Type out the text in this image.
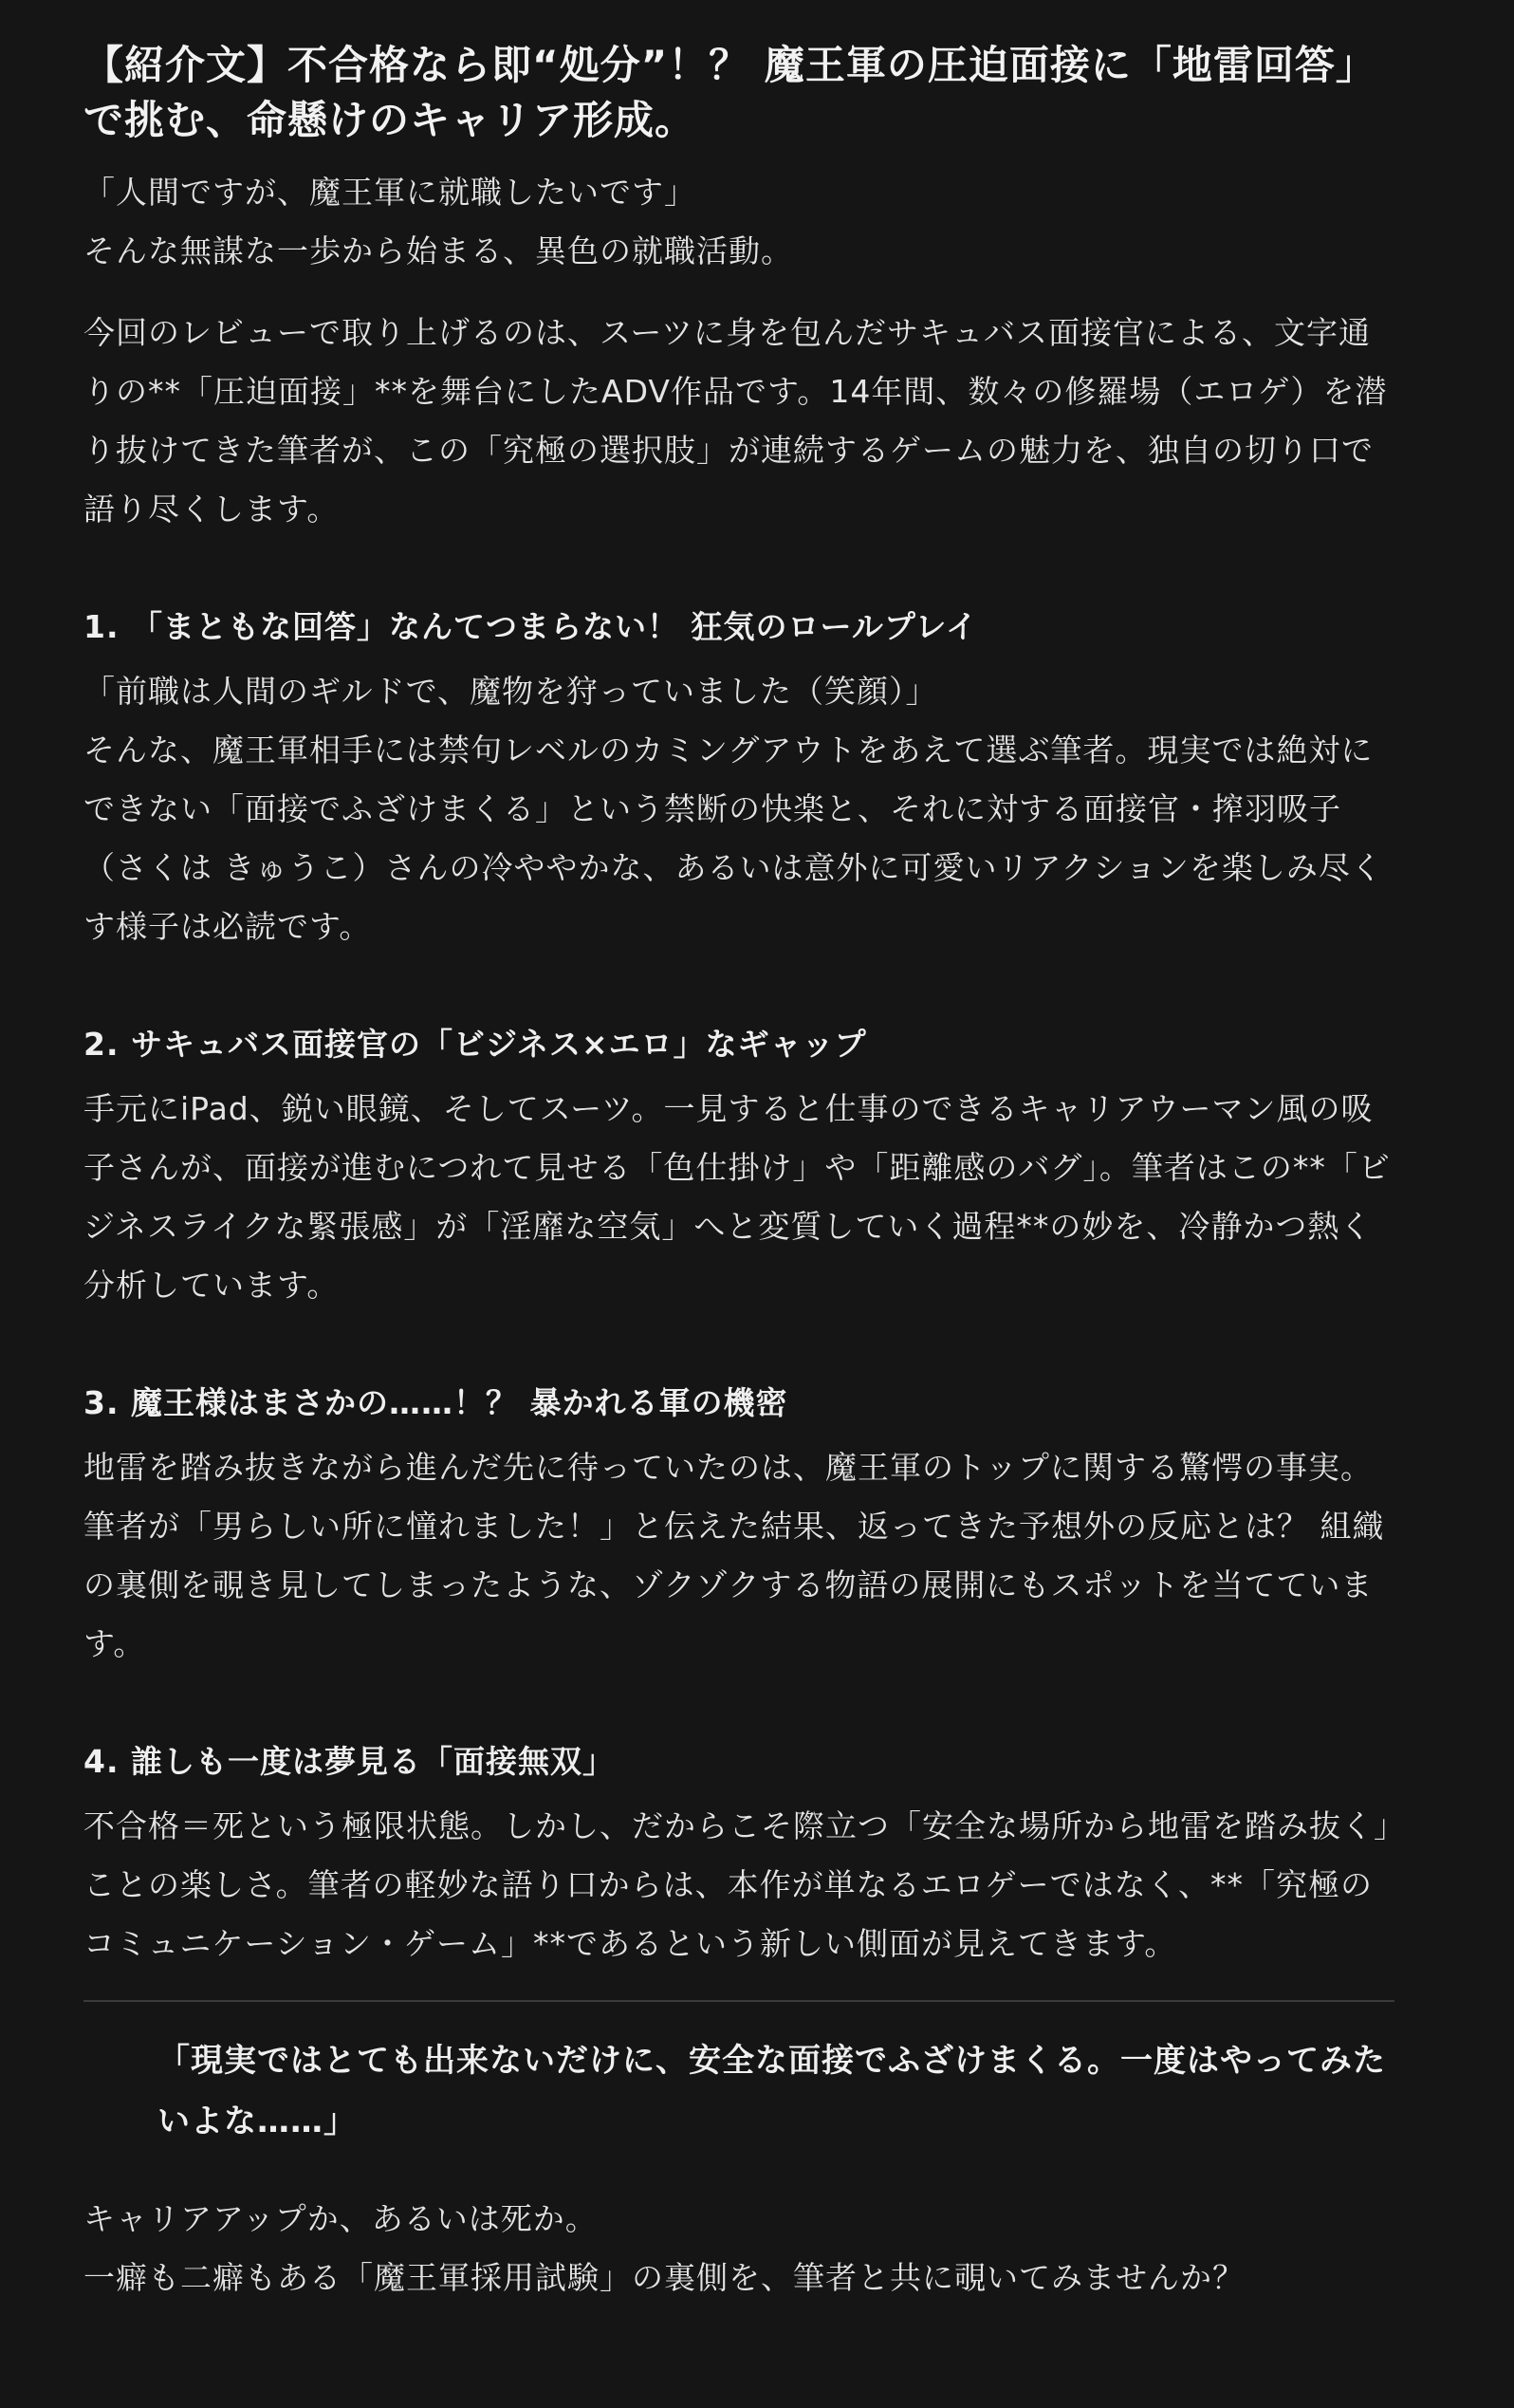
【紹介文】不合格なら即“処分”！？ 魔王軍の圧迫面接に「地雷回答」で挑む、命懸けのキャリア形成。

「人間ですが、魔王軍に就職したいです」

そんな無謀な一歩から始まる、異色の就職活動。

今回のレビューで取り上げるのは、スーツに身を包んだサキュバス面接官による、文字通りの**「圧迫面接」**を舞台にしたADV作品です。14年間、数々の修羅場（エロゲ）を潜り抜けてきた筆者が、この「究極の選択肢」が連続するゲームの魅力を、独自の切り口で語り尽くします。

1. 「まともな回答」なんてつまらない！ 狂気のロールプレイ

「前職は人間のギルドで、魔物を狩っていました（笑顔）」

そんな、魔王軍相手には禁句レベルのカミングアウトをあえて選ぶ筆者。現実では絶対にできない「面接でふざけまくる」という禁断の快楽と、それに対する面接官・搾羽吸子（さくは きゅうこ）さんの冷ややかな、あるいは意外に可愛いリアクションを楽しみ尽くす様子は必読です。

2. サキュバス面接官の「ビジネス×エロ」なギャップ

手元にiPad、鋭い眼鏡、そしてスーツ。一見すると仕事のできるキャリアウーマン風の吸子さんが、面接が進むにつれて見せる「色仕掛け」や「距離感のバグ」。筆者はこの**「ビジネスライクな緊張感」が「淫靡な空気」へと変質していく過程**の妙を、冷静かつ熱く分析しています。

3. 魔王様はまさかの……！？ 暴かれる軍の機密

地雷を踏み抜きながら進んだ先に待っていたのは、魔王軍のトップに関する驚愕の事実。筆者が「男らしい所に憧れました！」と伝えた結果、返ってきた予想外の反応とは？ 組織の裏側を覗き見してしまったような、ゾクゾクする物語の展開にもスポットを当てています。

4. 誰しも一度は夢見る「面接無双」

不合格＝死という極限状態。しかし、だからこそ際立つ「安全な場所から地雷を踏み抜く」ことの楽しさ。筆者の軽妙な語り口からは、本作が単なるエロゲーではなく、**「究極のコミュニケーション・ゲーム」**であるという新しい側面が見えてきます。

「現実ではとても出来ないだけに、安全な面接でふざけまくる。一度はやってみたいよな……」

キャリアアップか、あるいは死か。

一癖も二癖もある「魔王軍採用試験」の裏側を、筆者と共に覗いてみませんか？
